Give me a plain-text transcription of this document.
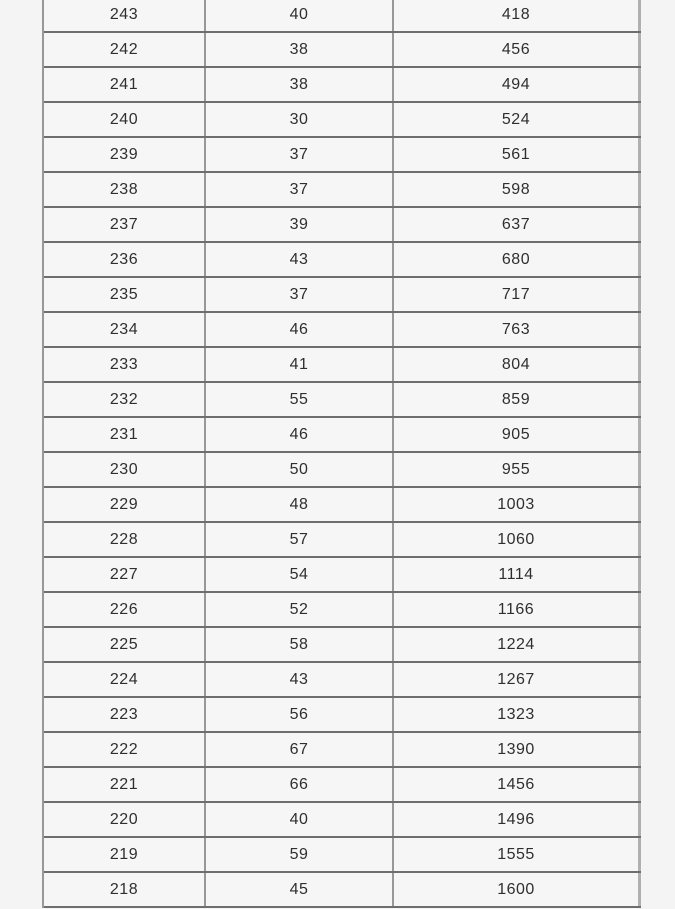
243	40	418
242	38	456
241	38	494
240	30	524
239	37	561
238	37	598
237	39	637
236	43	680
235	37	717
234	46	763
233	41	804
232	55	859
231	46	905
230	50	955
229	48	1003
228	57	1060
227	54	1114
226	52	1166
225	58	1224
224	43	1267
223	56	1323
222	67	1390
221	66	1456
220	40	1496
219	59	1555
218	45	1600
